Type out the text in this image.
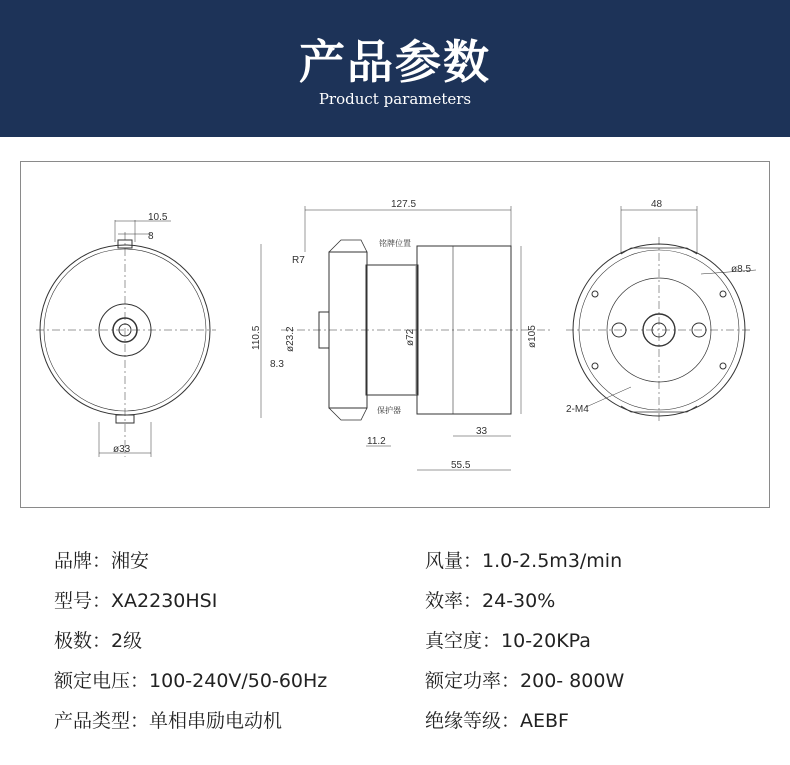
产品参数
Product parameters
10.5
8
ø33
127.5
R7
铭牌位置
110.5 ø23.2	ø72	ø105
8.3
保护器
11.2
33
55.5
48
ø8.5
2-M4
品牌：湘安
型号：XA2230HSI
极数：2级
额定电压：100-240V/50-60Hz
产品类型：单相串励电动机
风量：1.0-2.5m3/min
效率：24-30%
真空度：10-20KPa
额定功率：200- 800W
绝缘等级：AEBF
